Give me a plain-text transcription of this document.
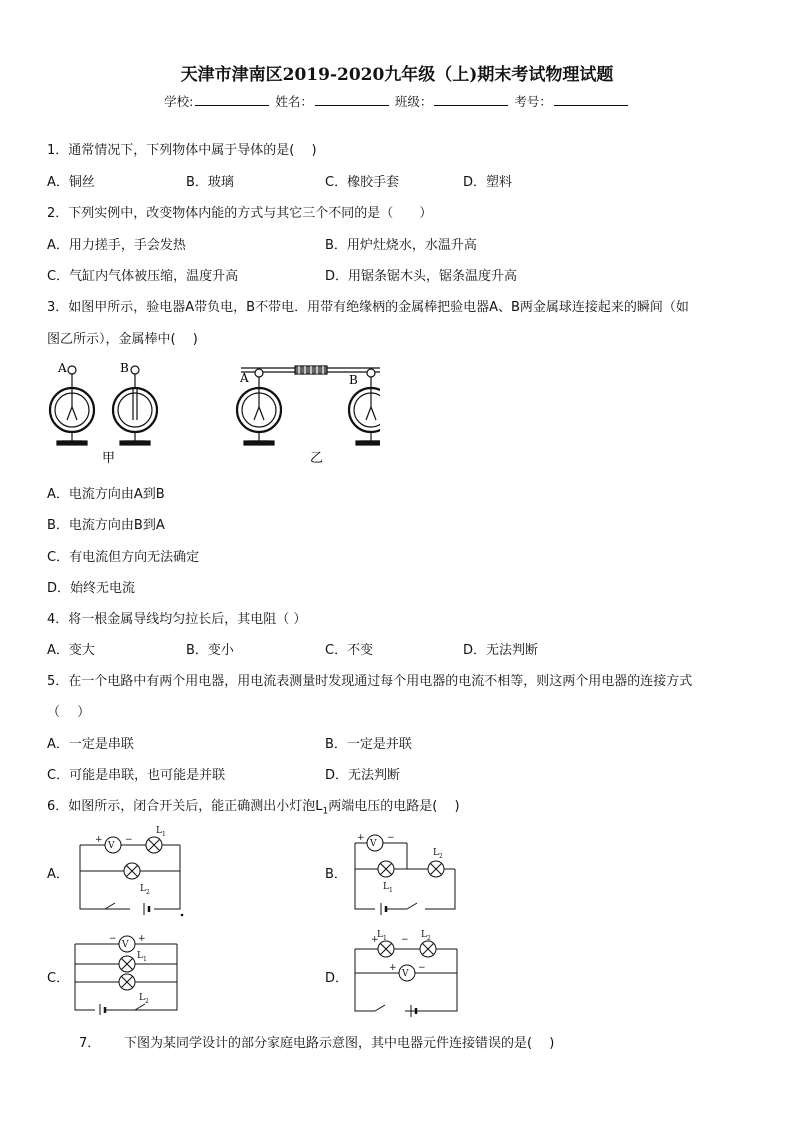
天津市津南区2019-2020九年级（上)期末考试物理试题
学校:	姓名：	班级：	考号：
1．通常情况下，下列物体中属于导体的是(　 )
A．铜丝	B．玻璃	C．橡胶手套	D．塑料
2．下列实例中，改变物体内能的方式与其它三个不同的是（　　）
A．用力搓手，手会发热	B．用炉灶烧水，水温升高
C．气缸内气体被压缩，温度升高	D．用锯条锯木头，锯条温度升高
3．如图甲所示，验电器A带负电，B不带电．用带有绝缘柄的金属棒把验电器A、B两金属球连接起来的瞬间（如
图乙所示），金属棒中(　 )
A	B
A	B
甲	乙
A．电流方向由A到B
B．电流方向由B到A
C．有电流但方向无法确定
D．始终无电流
4．将一根金属导线均匀拉长后，其电阻（ ）
A．变大	B．变小	C．不变	D．无法判断
5．在一个电路中有两个用电器，用电流表测量时发现通过每个用电器的电流不相等，则这两个用电器的连接方式
（　 ）
A．一定是串联	B．一定是并联
C．可能是串联，也可能是并联	D．无法判断
6．如图所示，闭合开关后，能正确测出小灯泡$L_1$两端电压的电路是(　 )
A．	B．
C．	D．
V
+ −
$L_1$
$L_2$
V
+ −
$L_2$
$L_1$
V
− +
$L_1$
$L_2$
V
+ −
+
$L_1 - L_2$
7． 下图为某同学设计的部分家庭电路示意图，其中电器元件连接错误的是(　 )
